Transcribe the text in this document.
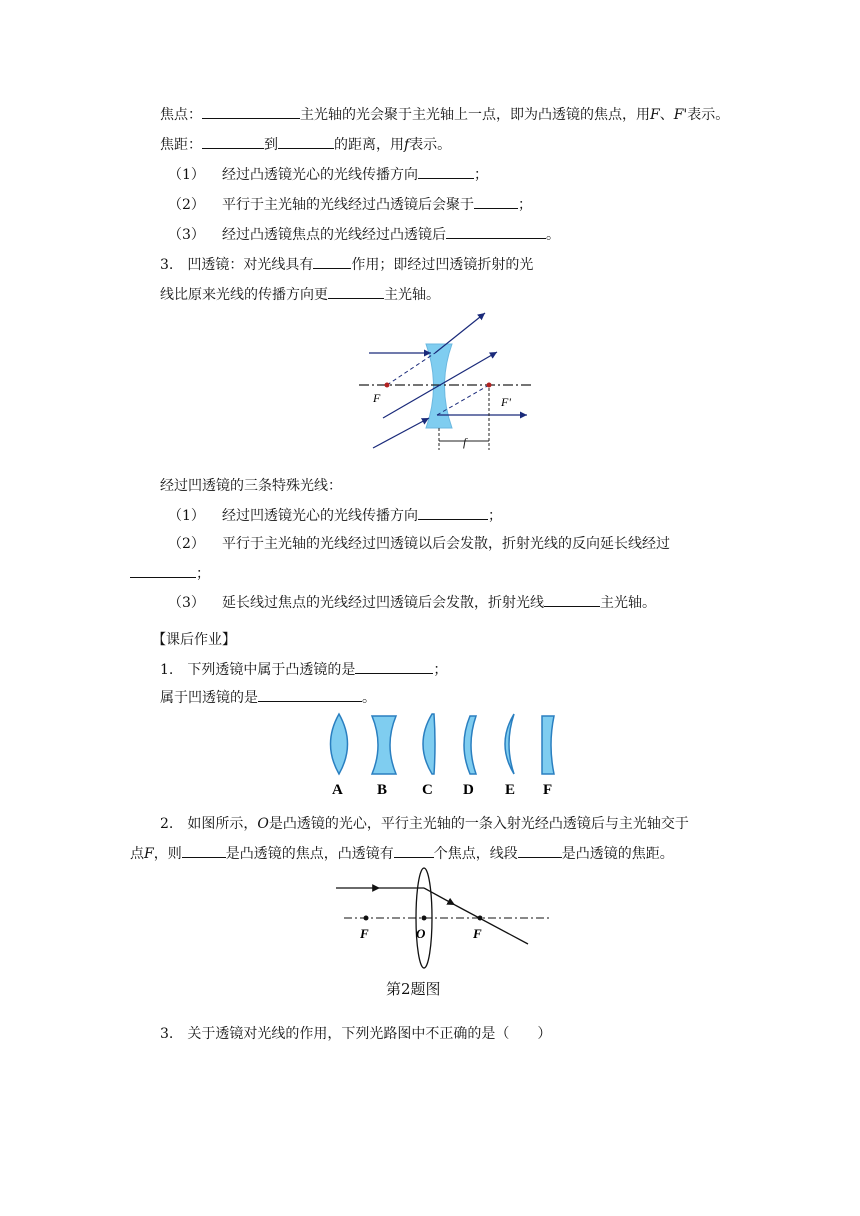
焦点：	主光轴的光会聚于主光轴上一点，即为凸透镜的焦点，用F、F'表示。
焦距：	到	的距离，用f表示。
（1） 经过凸透镜光心的光线传播方向	；
（2） 平行于主光轴的光线经过凸透镜后会聚于	；
（3） 经过凸透镜焦点的光线经过凸透镜后	。
3.　凹透镜：对光线具有	作用；即经过凹透镜折射的光
线比原来光线的传播方向更	主光轴。
F	F'
f
经过凹透镜的三条特殊光线：
（1） 经过凹透镜光心的光线传播方向	；
（2） 平行于主光轴的光线经过凹透镜以后会发散，折射光线的反向延长线经过
；
（3） 延长线过焦点的光线经过凹透镜后会发散，折射光线	主光轴。
【课后作业】
1.　下列透镜中属于凸透镜的是	；
属于凹透镜的是	。
A B C D E F
2.　如图所示，O是凸透镜的光心，平行主光轴的一条入射光经凸透镜后与主光轴交于
点F，则	是凸透镜的焦点，凸透镜有	个焦点，线段	是凸透镜的焦距。
F	O	F
第2题图
3.　关于透镜对光线的作用，下列光路图中不正确的是（　　）
